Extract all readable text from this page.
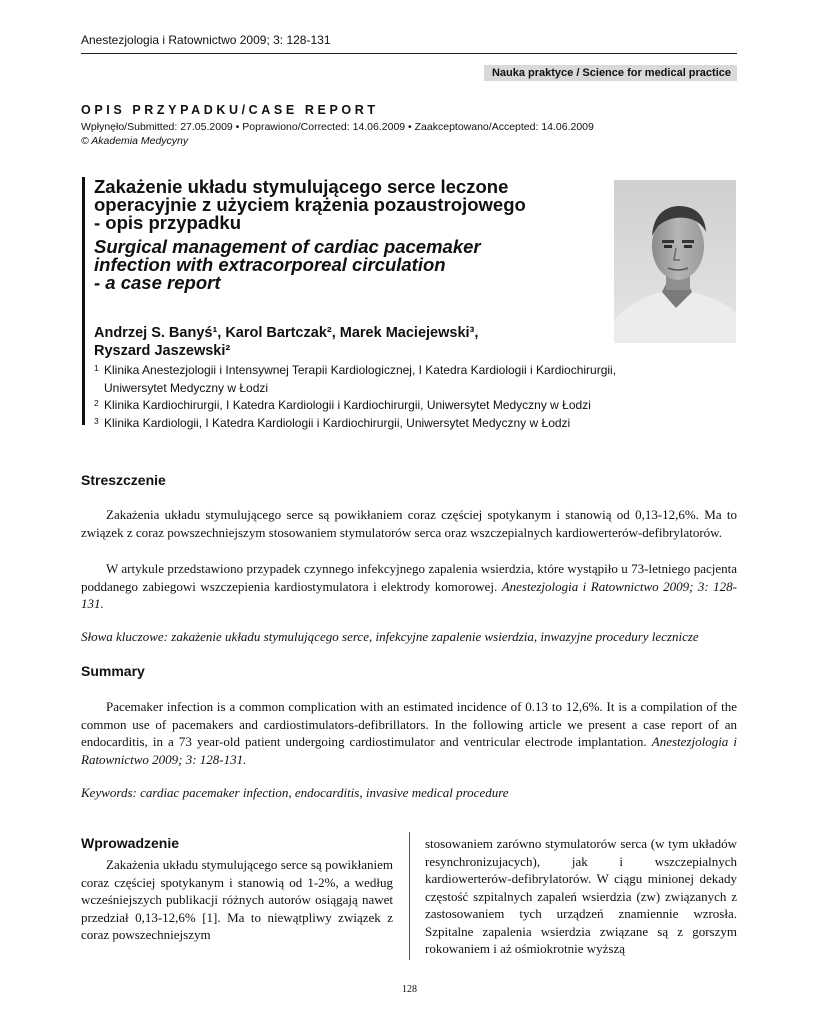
Anestezjologia i Ratownictwo 2009; 3: 128-131
Nauka praktyce / Science for medical practice
OPIS PRZYPADKU/CASE REPORT
Wpłynęło/Submitted: 27.05.2009 • Poprawiono/Corrected: 14.06.2009 • Zaakceptowano/Accepted: 14.06.2009
© Akademia Medycyny
Zakażenie układu stymulującego serce leczone
operacyjnie z użyciem krążenia pozaustrojowego
- opis przypadku
Surgical management of cardiac pacemaker
infection with extracorporeal circulation
- a case report
Andrzej S. Banyś¹, Karol Bartczak², Marek Maciejewski³,
Ryszard Jaszewski²
1 Klinika Anestezjologii i Intensywnej Terapii Kardiologicznej, I Katedra Kardiologii i Kardiochirurgii,
Uniwersytet Medyczny w Łodzi
2 Klinika Kardiochirurgii, I Katedra Kardiologii i Kardiochirurgii, Uniwersytet Medyczny w Łodzi
3 Klinika Kardiologii, I Katedra Kardiologii i Kardiochirurgii, Uniwersytet Medyczny w Łodzi
Streszczenie

Zakażenia układu stymulującego serce są powikłaniem coraz częściej spotykanym i stanowią od 0,13-12,6%. Ma to związek z coraz powszechniejszym stosowaniem stymulatorów serca oraz wszczepialnych kardiowerterów-defibrylatorów.

W artykule przedstawiono przypadek czynnego infekcyjnego zapalenia wsierdzia, które wystąpiło u 73-letniego pacjenta poddanego zabiegowi wszczepienia kardiostymulatora i elektrody komorowej. Anestezjologia i Ratownictwo 2009; 3: 128-131.

Słowa kluczowe: zakażenie układu stymulującego serce, infekcyjne zapalenie wsierdzia, inwazyjne procedury lecznicze

Summary

Pacemaker infection is a common complication with an estimated incidence of 0.13 to 12,6%. It is a compilation of the common use of pacemakers and cardiostimulators-defibrillators. In the following article we present a case report of an endocarditis, in a 73 year-old patient undergoing cardiostimulator and ventricular electrode implantation. Anestezjologia i Ratownictwo 2009; 3: 128-131.

Keywords: cardiac pacemaker infection, endocarditis, invasive medical procedure

Wprowadzenie

Zakażenia układu stymulującego serce są powikłaniem coraz częściej spotykanym i stanowią od 1-2%, a według wcześniejszych publikacji różnych autorów osiągają nawet przedział 0,13-12,6% [1]. Ma to niewątpliwy związek z coraz powszechniejszym

stosowaniem zarówno stymulatorów serca (w tym układów resynchronizujacych), jak i wszczepialnych kardiowerterów-defibrylatorów. W ciągu minionej dekady częstość szpitalnych zapaleń wsierdzia (zw) związanych z zastosowaniem tych urządzeń znamiennie wzrosła. Szpitalne zapalenia wsierdzia związane są z gorszym rokowaniem i aż ośmiokrotnie wyższą

128
